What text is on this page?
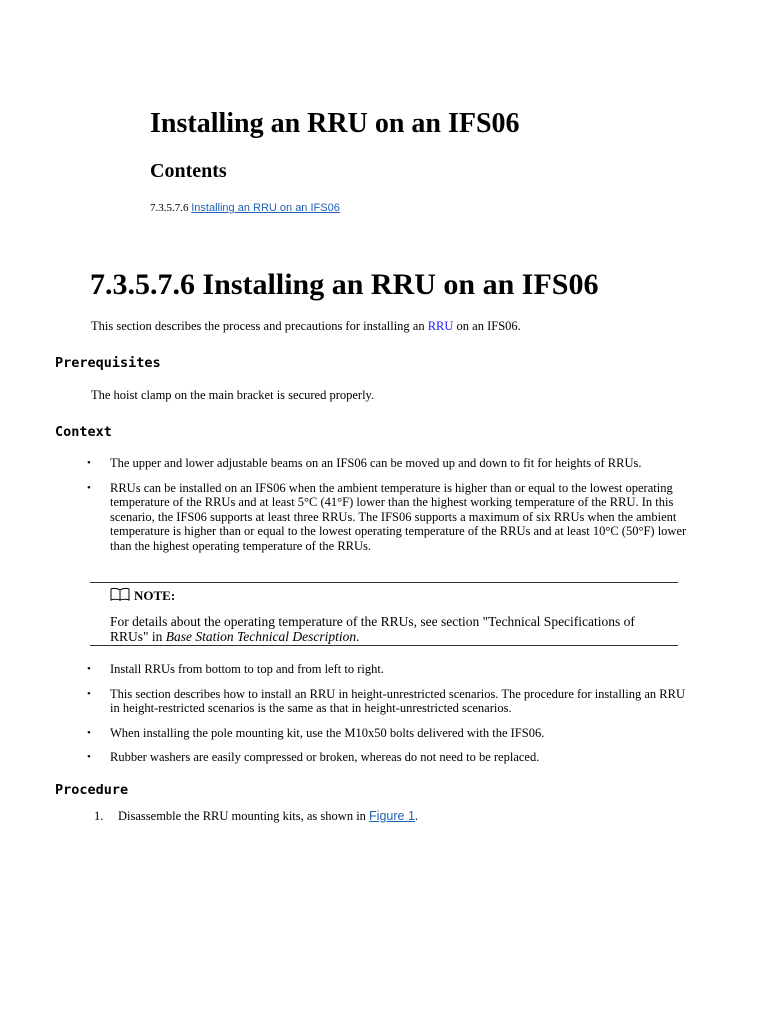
Installing an RRU on an IFS06
Contents
7.3.5.7.6 Installing an RRU on an IFS06
7.3.5.7.6 Installing an RRU on an IFS06
This section describes the process and precautions for installing an RRU on an IFS06.
Prerequisites
The hoist clamp on the main bracket is secured properly.
Context
• The upper and lower adjustable beams on an IFS06 can be moved up and down to fit for heights of RRUs.
• RRUs can be installed on an IFS06 when the ambient temperature is higher than or equal to the lowest operating temperature of the RRUs and at least 5°C (41°F) lower than the highest working temperature of the RRU. In this scenario, the IFS06 supports at least three RRUs. The IFS06 supports a maximum of six RRUs when the ambient temperature is higher than or equal to the lowest operating temperature of the RRUs and at least 10°C (50°F) lower than the highest operating temperature of the RRUs.
NOTE:
For details about the operating temperature of the RRUs, see section "Technical Specifications of RRUs" in Base Station Technical Description.
• Install RRUs from bottom to top and from left to right.
• This section describes how to install an RRU in height-unrestricted scenarios. The procedure for installing an RRU in height-restricted scenarios is the same as that in height-unrestricted scenarios.
• When installing the pole mounting kit, use the M10x50 bolts delivered with the IFS06.
• Rubber washers are easily compressed or broken, whereas do not need to be replaced.
Procedure
1. Disassemble the RRU mounting kits, as shown in Figure 1.
